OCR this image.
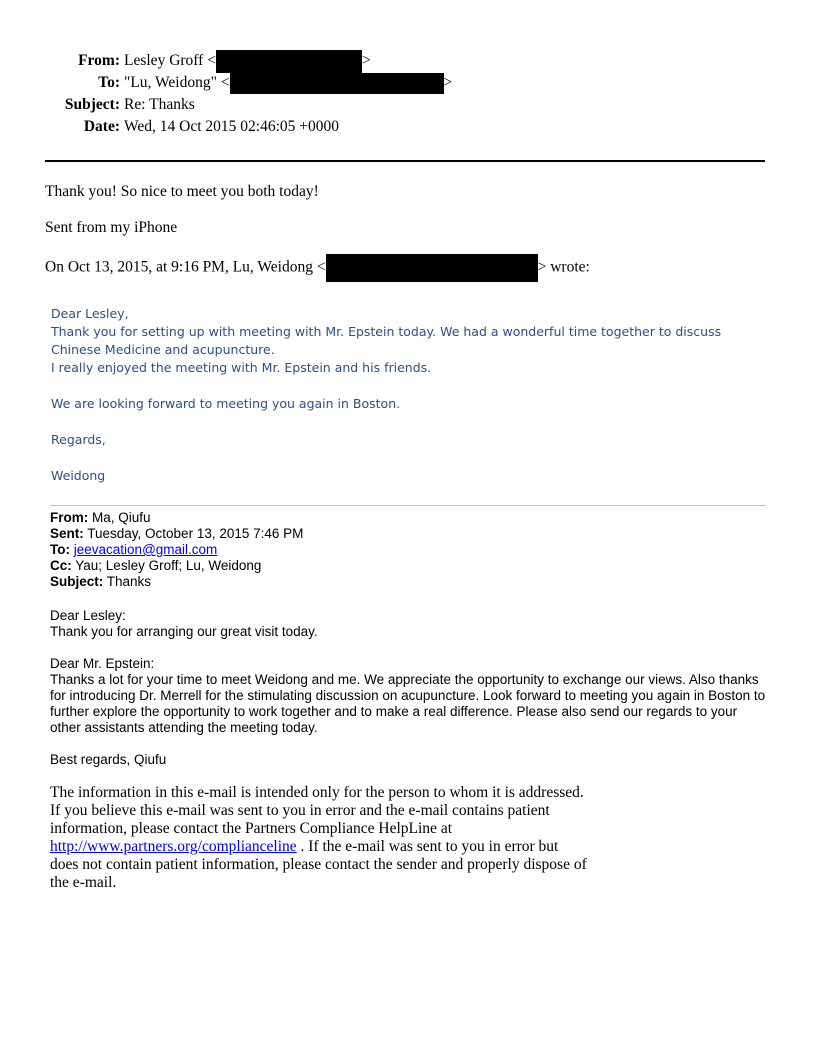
From: Lesley Groff <	>
To: "Lu, Weidong" <	>
Subject: Re: Thanks
Date: Wed, 14 Oct 2015 02:46:05 +0000
Thank you! So nice to meet you both today!
Sent from my iPhone
On Oct 13, 2015, at 9:16 PM, Lu, Weidong <	> wrote:
Dear Lesley,
Thank you for setting up with meeting with Mr. Epstein today. We had a wonderful time together to discuss Chinese Medicine and acupuncture.
I really enjoyed the meeting with Mr. Epstein and his friends.
We are looking forward to meeting you again in Boston.
Regards,
Weidong
From: Ma, Qiufu
Sent: Tuesday, October 13, 2015 7:46 PM
To: jeevacation@gmail.com
Cc: Yau; Lesley Groff; Lu, Weidong
Subject: Thanks
Dear Lesley:
Thank you for arranging our great visit today.
Dear Mr. Epstein:
Thanks a lot for your time to meet Weidong and me. We appreciate the opportunity to exchange our views. Also thanks for introducing Dr. Merrell for the stimulating discussion on acupuncture. Look forward to meeting you again in Boston to further explore the opportunity to work together and to make a real difference. Please also send our regards to your other assistants attending the meeting today.
Best regards, Qiufu
The information in this e-mail is intended only for the person to whom it is addressed. If you believe this e-mail was sent to you in error and the e-mail contains patient information, please contact the Partners Compliance HelpLine at http://www.partners.org/complianceline . If the e-mail was sent to you in error but does not contain patient information, please contact the sender and properly dispose of the e-mail.
